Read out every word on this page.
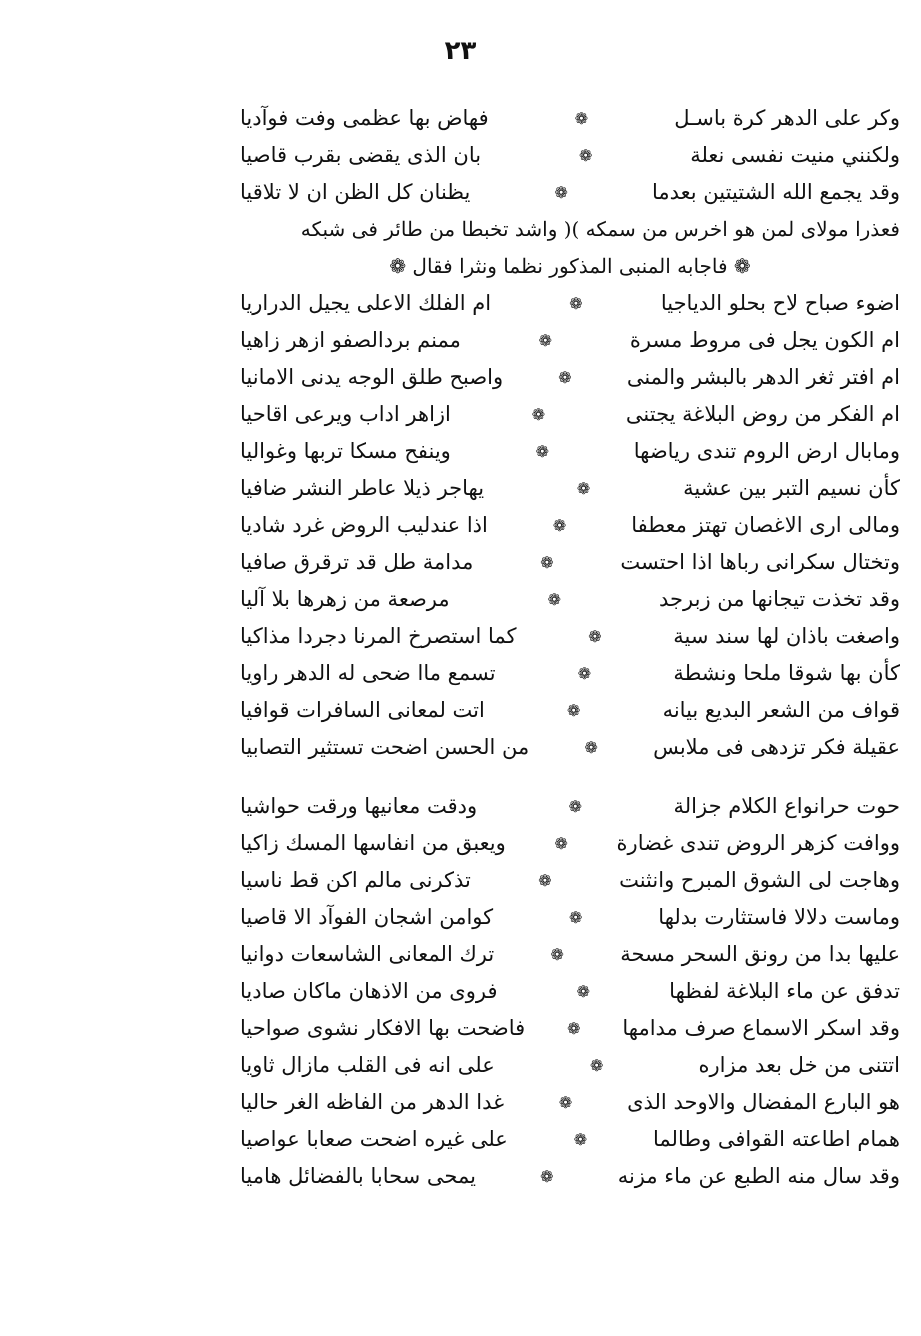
٢٣
وكر على الدهر كرة باسـل
❁
فهاض بها عظمى وفت فوآديا
ولكنني منيت نفسى نعلة
❁
بان الذى يقضى بقرب قاصيا
وقد يجمع الله الشتيتين بعدما
❁
يظنان كل الظن ان لا تلاقيا
فعذرا مولاى لمن هو اخرس من سمكه )( واشد تخبطا من طائر فى شبكه
❁ فاجابه المنبى المذكور نظما ونثرا فقال ❁
اضوء صباح لاح بحلو الدياجيا
❁
ام الفلك الاعلى يجيل الدراريا
ام الكون يجل فى مروط مسرة
❁
ممنم بردالصفو ازهر زاهيا
ام افتر ثغر الدهر بالبشر والمنى
❁
واصبح طلق الوجه يدنى الامانيا
ام الفكر من روض البلاغة يجتنى
❁
ازاهر اداب ويرعى اقاحيا
ومابال ارض الروم تندى رياضها
❁
وينفح مسكا تربها وغواليا
كأن نسيم التبر بين عشية
❁
يهاجر ذيلا عاطر النشر ضافيا
ومالى ارى الاغصان تهتز معطفا
❁
اذا عندليب الروض غرد شاديا
وتختال سكرانى رباها اذا احتست
❁
مدامة طل قد ترقرق صافيا
وقد تخذت تيجانها من زبرجد
❁
مرصعة من زهرها بلا آليا
واصغت باذان لها سند سية
❁
كما استصرخ المرنا دجردا مذاكيا
كأن بها شوقا ملحا ونشطة
❁
تسمع ماا ضحى له الدهر راويا
قواف من الشعر البديع بيانه
❁
اتت لمعانى السافرات قوافيا
عقيلة فكر تزدهى فى ملابس
❁
من الحسن اضحت تستثير التصابيا
حوت حرانواع الكلام جزالة
❁
ودقت معانيها ورقت حواشيا
ووافت كزهر الروض تندى غضارة
❁
ويعبق من انفاسها المسك زاكيا
وهاجت لى الشوق المبرح وانثنت
❁
تذكرنى مالم اكن قط ناسيا
وماست دلالا فاستثارت بدلها
❁
كوامن اشجان الفوآد الا قاصيا
عليها بدا من رونق السحر مسحة
❁
ترك المعانى الشاسعات دوانيا
تدفق عن ماء البلاغة لفظها
❁
فروى من الاذهان ماكان صاديا
وقد اسكر الاسماع صرف مدامها
❁
فاضحت بها الافكار نشوى صواحيا
اتتنى من خل بعد مزاره
❁
على انه فى القلب مازال ثاويا
هو البارع المفضال والاوحد الذى
❁
غدا الدهر من الفاظه الغر حاليا
همام اطاعته القوافى وطالما
❁
على غيره اضحت صعابا عواصيا
وقد سال منه الطبع عن ماء مزنه
❁
يمحى سحابا بالفضائل هاميا
